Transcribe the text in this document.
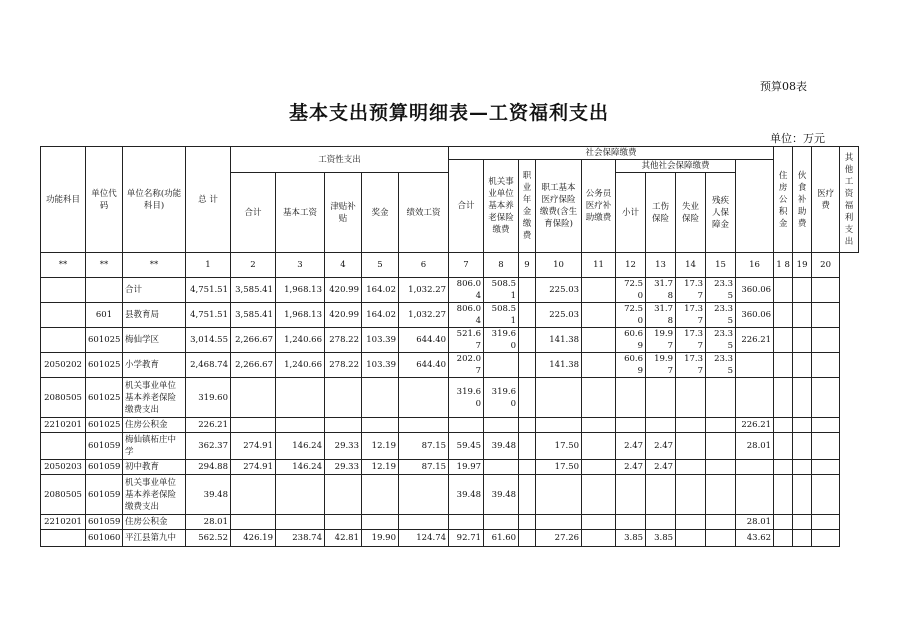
预算08表
基本支出预算明细表—工资福利支出
单位：万元
功能科目	单位代码	单位名称(功能科目)	总 计	工资性支出					社会保障缴费										住房公积金	伙食补助费	医疗费	其他工资福利支出
									合计	机关事业单位基本养老保险缴费	职业年金缴费	职工基本医疗保险缴费(含生育保险)	公务员医疗补助缴费	其他社会保障缴费								
				合计	基本工资	津贴补贴	奖金	绩效工资						小计	工伤保险	失业保险	残疾人保障金					
**	**	**	1	2	3	4	5	6	7	8	9	10	11	12	13	14	15	16	1 8	19	20	
		合计	4,751.51	3,585.41	1,968.13	420.99	164.02	1,032.27	806.0 4	508.5 1		225.03		72.5 0	31.7 8	17.3 7	23.3 5	360.06				
	601	县教育局	4,751.51	3,585.41	1,968.13	420.99	164.02	1,032.27	806.0 4	508.5 1		225.03		72.5 0	31.7 8	17.3 7	23.3 5	360.06				
	601025	梅仙学区	3,014.55	2,266.67	1,240.66	278.22	103.39	644.40	521.6 7	319.6 0		141.38		60.6 9	19.9 7	17.3 7	23.3 5	226.21				
2050202	601025	小学教育	2,468.74	2,266.67	1,240.66	278.22	103.39	644.40	202.0 7			141.38		60.6 9	19.9 7	17.3 7	23.3 5					
2080505	601025	机关事业单位基本养老保险缴费支出	319.60						319.6 0	319.6 0												
2210201	601025	住房公积金	226.21															226.21				
	601059	梅仙镇柘庄中学	362.37	274.91	146.24	29.33	12.19	87.15	59.45	39.48		17.50		2.47	2.47			28.01				
2050203	601059	初中教育	294.88	274.91	146.24	29.33	12.19	87.15	19.97			17.50		2.47	2.47							
2080505	601059	机关事业单位基本养老保险缴费支出	39.48						39.48	39.48												
2210201	601059	住房公积金	28.01															28.01				
	601060	平江县第九中	562.52	426.19	238.74	42.81	19.90	124.74	92.71	61.60		27.26		3.85	3.85			43.62				
